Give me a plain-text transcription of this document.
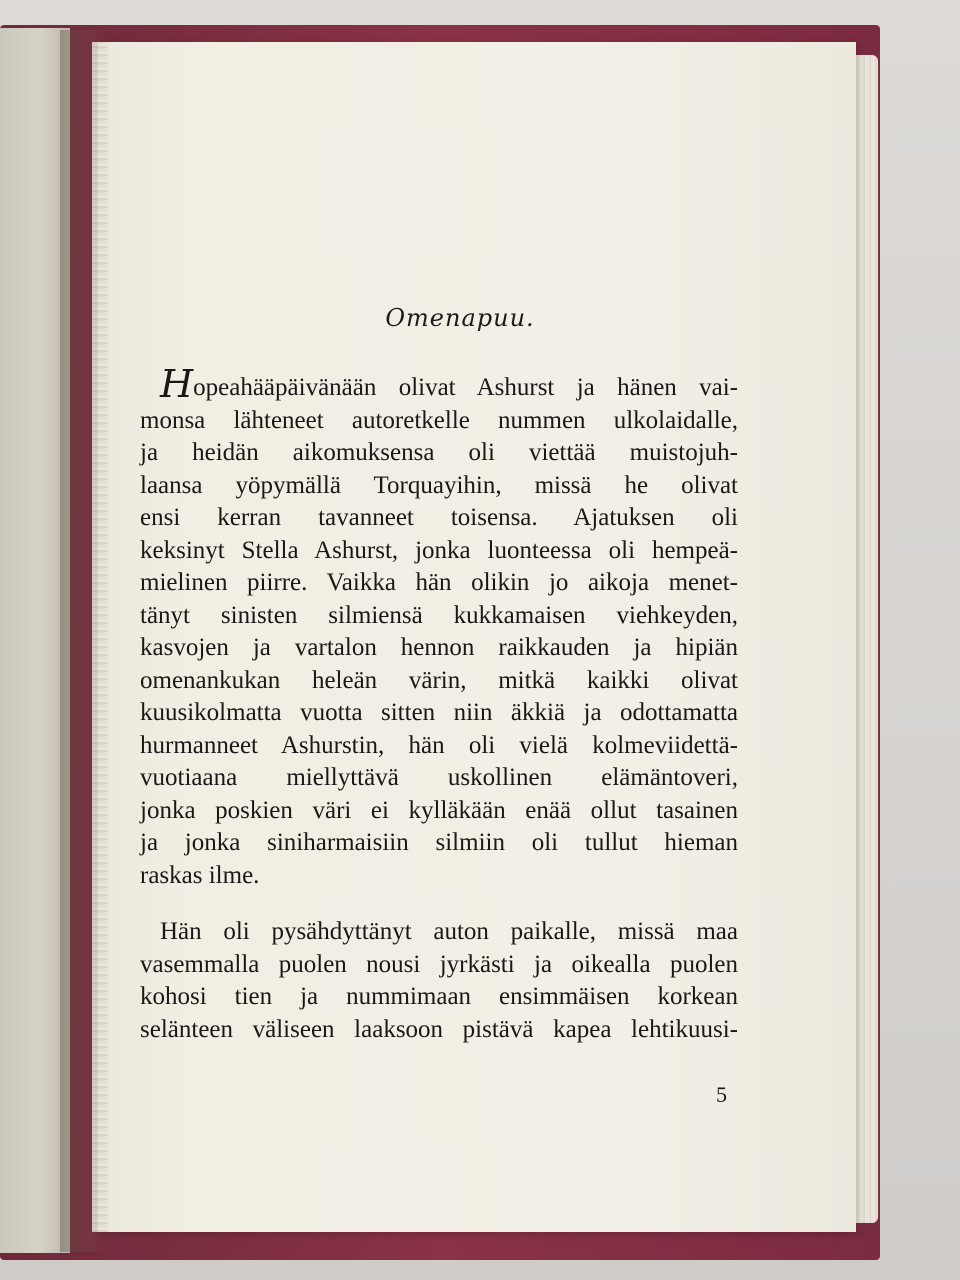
Omenapuu.
Hopeahääpäivänään olivat Ashurst ja hänen vai-
monsa lähteneet autoretkelle nummen ulkolaidalle,
ja heidän aikomuksensa oli viettää muistojuh-
laansa yöpymällä Torquayihin, missä he olivat
ensi kerran tavanneet toisensa. Ajatuksen oli
keksinyt Stella Ashurst, jonka luonteessa oli hempeä-
mielinen piirre. Vaikka hän olikin jo aikoja menet-
tänyt sinisten silmiensä kukkamaisen viehkeyden,
kasvojen ja vartalon hennon raikkauden ja hipiän
omenankukan heleän värin, mitkä kaikki olivat
kuusikolmatta vuotta sitten niin äkkiä ja odottamatta
hurmanneet Ashurstin, hän oli vielä kolmeviidettä-
vuotiaana miellyttävä uskollinen elämäntoveri,
jonka poskien väri ei kylläkään enää ollut tasainen
ja jonka siniharmaisiin silmiin oli tullut hieman
raskas ilme.
Hän oli pysähdyttänyt auton paikalle, missä maa
vasemmalla puolen nousi jyrkästi ja oikealla puolen
kohosi tien ja nummimaan ensimmäisen korkean
selänteen väliseen laaksoon pistävä kapea lehtikuusi-
5
